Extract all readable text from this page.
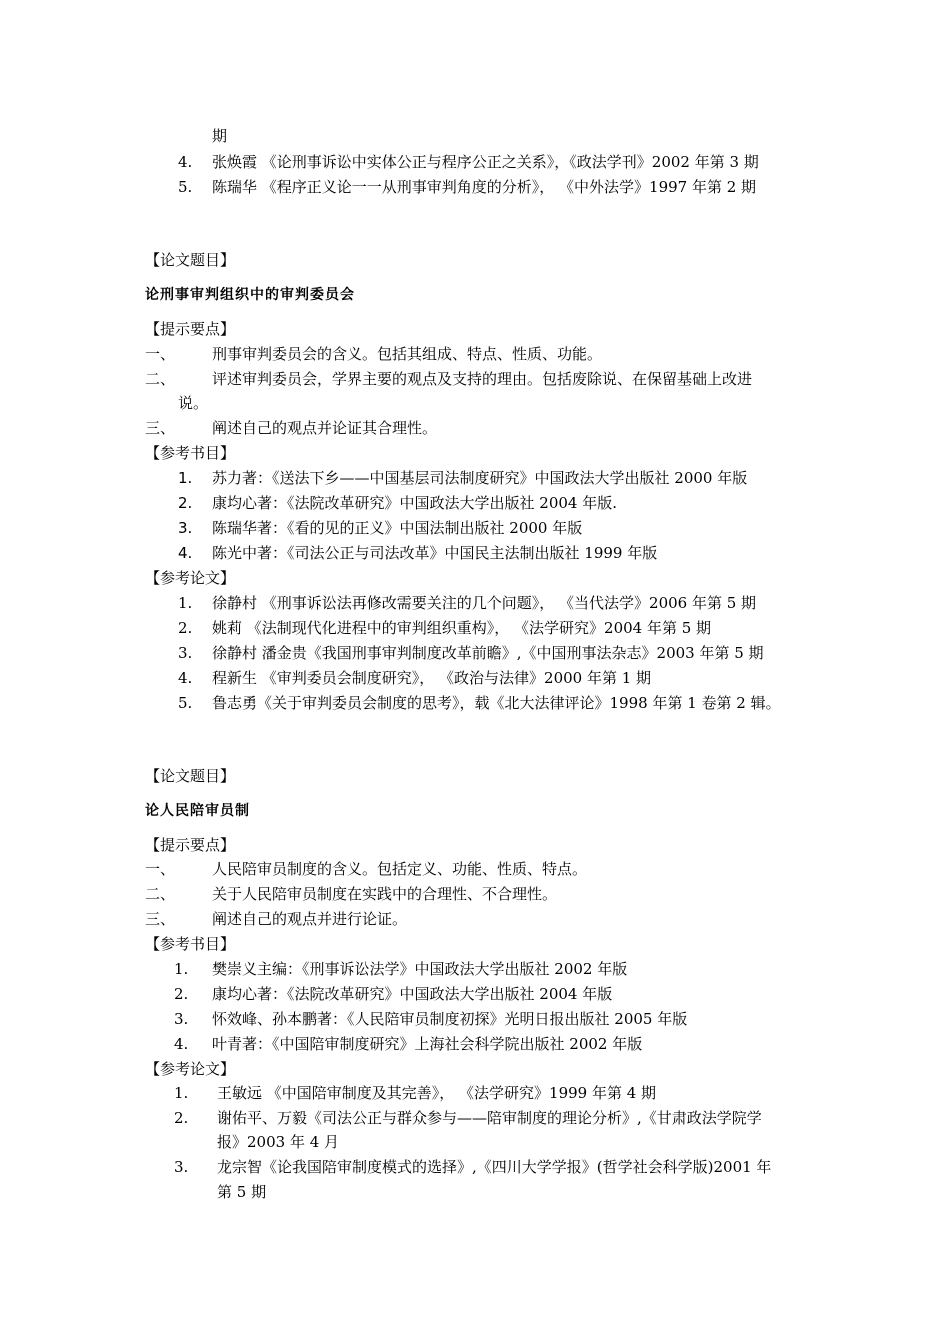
期
4. 张焕霞 《论刑事诉讼中实体公正与程序公正之关系》，《政法学刊》2002 年第 3 期
5. 陈瑞华 《程序正义论一一从刑事审判角度的分析》， 《中外法学》1997 年第 2 期
【论文题目】
论刑事审判组织中的审判委员会
【提示要点】
一、 刑事审判委员会的含义。包括其组成、特点、性质、功能。
二、 评述审判委员会，学界主要的观点及支持的理由。包括废除说、在保留基础上改进
说。
三、 阐述自己的观点并论证其合理性。
【参考书目】
1. 苏力著：《送法下乡——中国基层司法制度研究》中国政法大学出版社 2000 年版
2. 康均心著：《法院改革研究》中国政法大学出版社 2004 年版.
3. 陈瑞华著：《看的见的正义》中国法制出版社 2000 年版
4. 陈光中著：《司法公正与司法改革》中国民主法制出版社 1999 年版
【参考论文】
1. 徐静村 《刑事诉讼法再修改需要关注的几个问题》， 《当代法学》2006 年第 5 期
2. 姚莉 《法制现代化进程中的审判组织重构》， 《法学研究》2004 年第 5 期
3. 徐静村 潘金贵《我国刑事审判制度改革前瞻》,《中国刑事法杂志》2003 年第 5 期
4. 程新生 《审判委员会制度研究》， 《政治与法律》2000 年第 1 期
5. 鲁志勇《关于审判委员会制度的思考》，载《北大法律评论》1998 年第 1 卷第 2 辑。
【论文题目】
论人民陪审员制
【提示要点】
一、 人民陪审员制度的含义。包括定义、功能、性质、特点。
二、 关于人民陪审员制度在实践中的合理性、不合理性。
三、 阐述自己的观点并进行论证。
【参考书目】
1. 樊崇义主编：《刑事诉讼法学》中国政法大学出版社 2002 年版
2. 康均心著：《法院改革研究》中国政法大学出版社 2004 年版
3. 怀效峰、孙本鹏著：《人民陪审员制度初探》光明日报出版社 2005 年版
4. 叶青著：《中国陪审制度研究》上海社会科学院出版社 2002 年版
【参考论文】
1. 王敏远 《中国陪审制度及其完善》， 《法学研究》1999 年第 4 期
2. 谢佑平、万毅《司法公正与群众参与——陪审制度的理论分析》,《甘肃政法学院学
报》2003 年 4 月
3. 龙宗智《论我国陪审制度模式的选择》,《四川大学学报》(哲学社会科学版)2001 年
第 5 期
